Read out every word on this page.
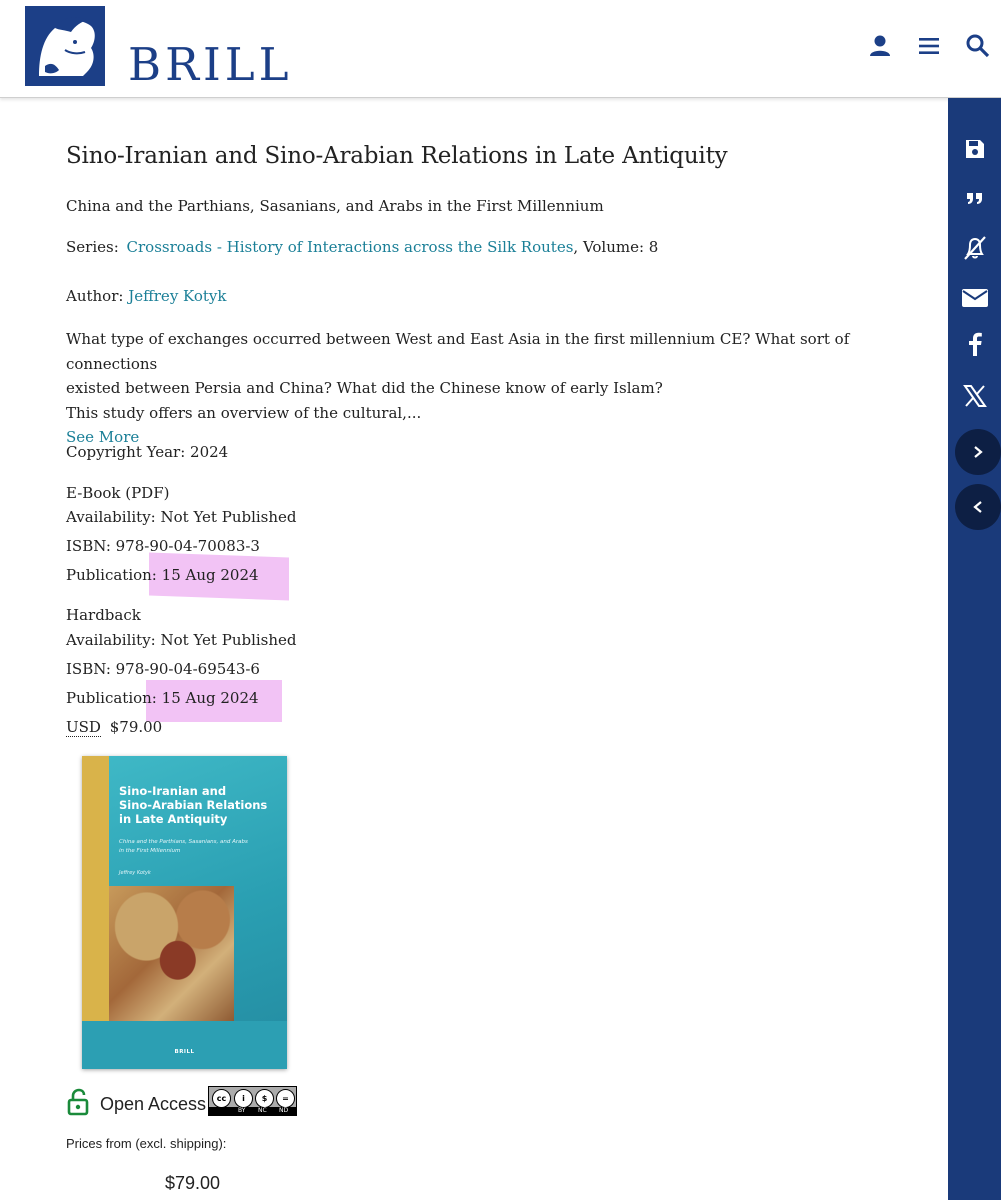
BRILL
Sino-Iranian and Sino-Arabian Relations in Late Antiquity
China and the Parthians, Sasanians, and Arabs in the First Millennium
Series: Crossroads - History of Interactions across the Silk Routes, Volume: 8
Author: Jeffrey Kotyk

What type of exchanges occurred between West and East Asia in the first millennium CE? What sort of connections

existed between Persia and China? What did the Chinese know of early Islam?

This study offers an overview of the cultural,...

See More

Copyright Year: 2024
E-Book (PDF)
Availability: Not Yet Published
ISBN: 978-90-04-70083-3
Publication: 15 Aug 2024
Hardback
Availability: Not Yet Published
ISBN: 978-90-04-69543-6
Publication: 15 Aug 2024
USD $79.00
Sino-Iranian and
Sino-Arabian Relations
in Late Antiquity
China and the Parthians, Sasanians, and Arabs
in the First Millennium
Jeffrey Kotyk
BRILL
Open Access	cc	i	$	=
BY NC ND
Prices from (excl. shipping):
$79.00
